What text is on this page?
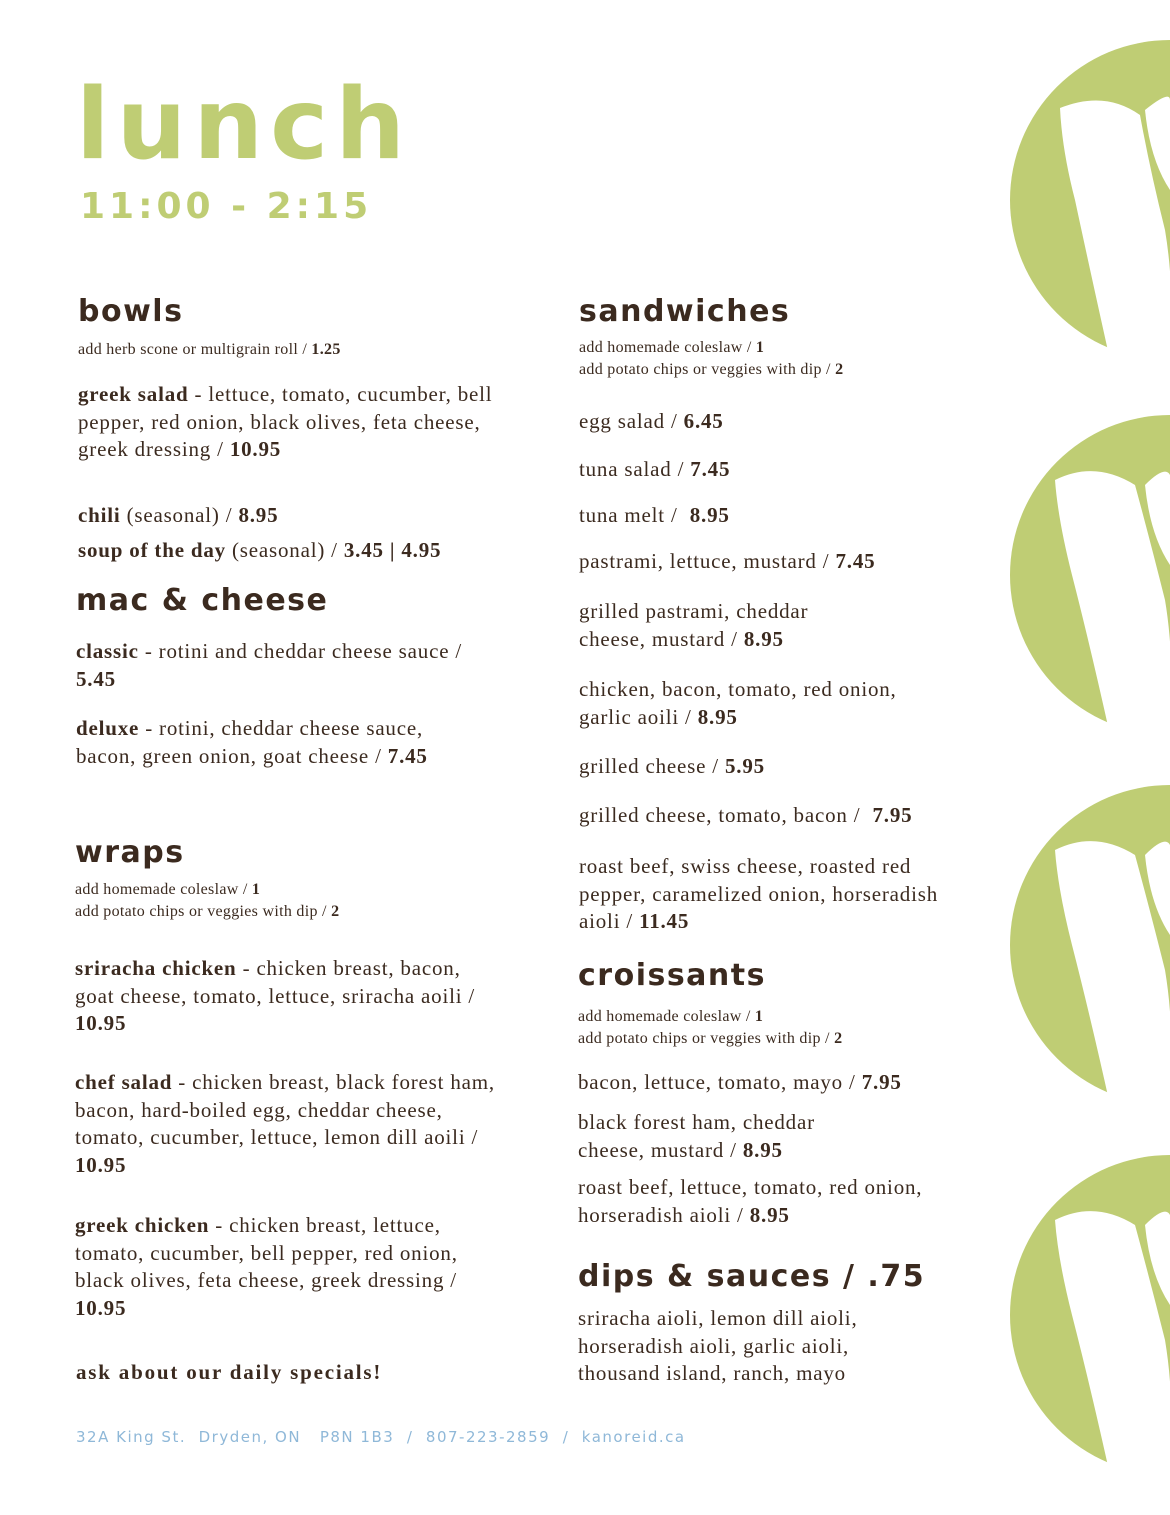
lunch
11:00 - 2:15
bowls
add herb scone or multigrain roll / 1.25
greek salad - lettuce, tomato, cucumber, bell pepper, red onion, black olives, feta cheese, greek dressing / 10.95
chili (seasonal) / 8.95
soup of the day (seasonal) / 3.45 | 4.95
mac & cheese
classic - rotini and cheddar cheese sauce / 5.45
deluxe - rotini, cheddar cheese sauce, bacon, green onion, goat cheese / 7.45
wraps
add homemade coleslaw / 1
add potato chips or veggies with dip / 2
sriracha chicken - chicken breast, bacon, goat cheese, tomato, lettuce, sriracha aoili / 10.95
chef salad - chicken breast, black forest ham, bacon, hard-boiled egg, cheddar cheese, tomato, cucumber, lettuce, lemon dill aoili / 10.95
greek chicken - chicken breast, lettuce, tomato, cucumber, bell pepper, red onion, black olives, feta cheese, greek dressing / 10.95
ask about our daily specials!
sandwiches
add homemade coleslaw / 1
add potato chips or veggies with dip / 2
egg salad / 6.45
tuna salad / 7.45
tuna melt /  8.95
pastrami, lettuce, mustard / 7.45
grilled pastrami, cheddar cheese, mustard / 8.95
chicken, bacon, tomato, red onion, garlic aoili / 8.95
grilled cheese / 5.95
grilled cheese, tomato, bacon /  7.95
roast beef, swiss cheese, roasted red pepper, caramelized onion, horseradish aioli / 11.45
croissants
add homemade coleslaw / 1
add potato chips or veggies with dip / 2
bacon, lettuce, tomato, mayo / 7.95
black forest ham, cheddar cheese, mustard / 8.95
roast beef, lettuce, tomato, red onion, horseradish aioli / 8.95
dips & sauces / .75
sriracha aioli, lemon dill aioli, horseradish aioli, garlic aioli, thousand island, ranch, mayo
32A King St.  Dryden, ON   P8N 1B3  /  807-223-2859  /  kanoreid.ca
